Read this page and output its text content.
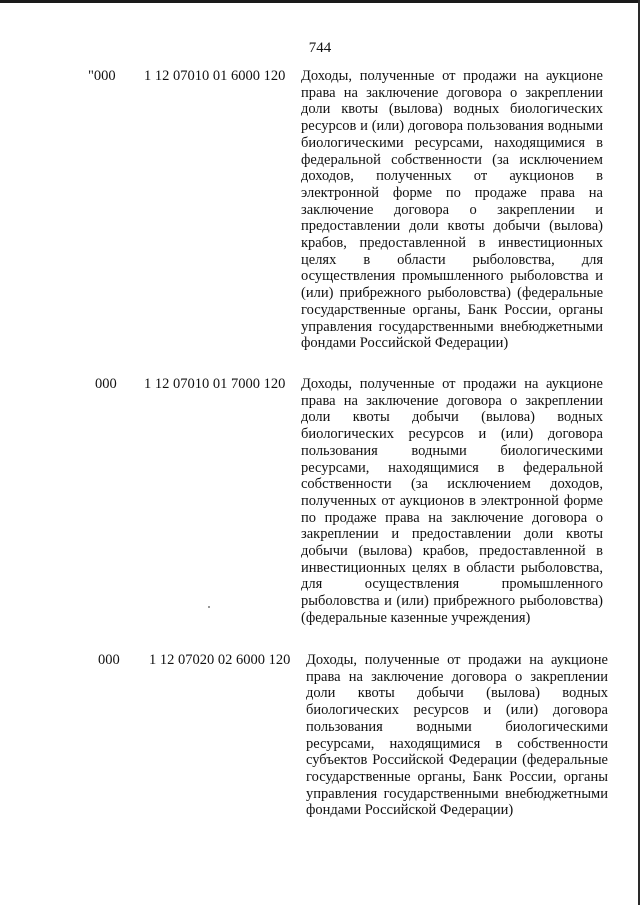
744
"000 1 12 07010 01 6000 120 Доходы, полученные от продажи на аукционе права на заключение договора о закреплении доли квоты (вылова) водных биологических ресурсов и (или) договора пользования водными биологическими ресурсами, находящимися в федеральной собственности (за исключением доходов, полученных от аукционов в электронной форме по продаже права на заключение договора о закреплении и предоставлении доли квоты добычи (вылова) крабов, предоставленной в инвестиционных целях в области рыболовства, для осуществления промышленного рыболовства и (или) прибрежного рыболовства) (федеральные государственные органы, Банк России, органы управления государственными внебюджетными фондами Российской Федерации)
000 1 12 07010 01 7000 120 Доходы, полученные от продажи на аукционе права на заключение договора о закреплении доли квоты добычи (вылова) водных биологических ресурсов и (или) договора пользования водными биологическими ресурсами, находящимися в федеральной собственности (за исключением доходов, полученных от аукционов в электронной форме по продаже права на заключение договора о закреплении и предоставлении доли квоты добычи (вылова) крабов, предоставленной в инвестиционных целях в области рыболовства, для осуществления промышленного рыболовства и (или) прибрежного рыболовства) (федеральные казенные учреждения)
000 1 12 07020 02 6000 120 Доходы, полученные от продажи на аукционе права на заключение договора о закреплении доли квоты добычи (вылова) водных биологических ресурсов и (или) договора пользования водными биологическими ресурсами, находящимися в собственности субъектов Российской Федерации (федеральные государственные органы, Банк России, органы управления государственными внебюджетными фондами Российской Федерации)
